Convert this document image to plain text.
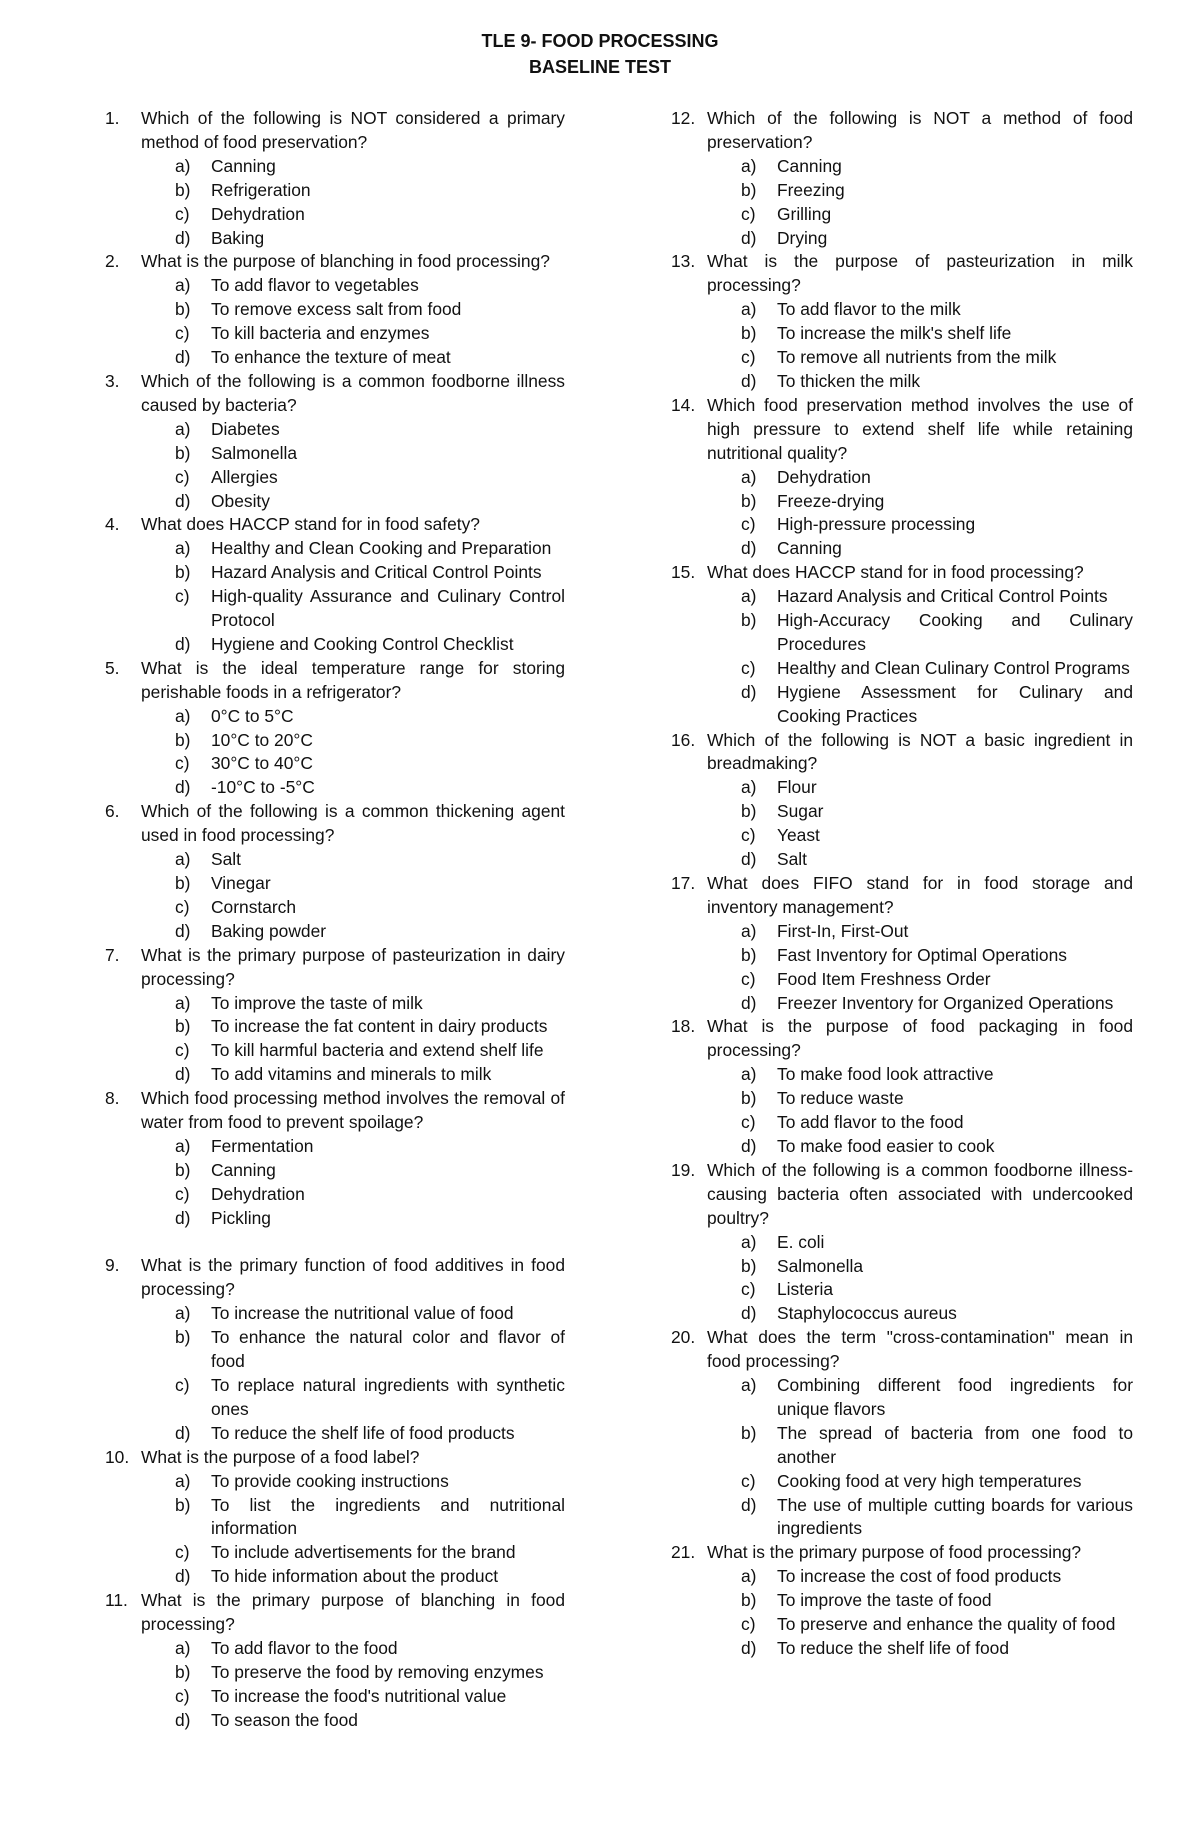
TLE 9- FOOD PROCESSING
BASELINE TEST
1.	Which of the following is NOT considered a primary method of food preservation?
a)	Canning
b)	Refrigeration
c)	Dehydration
d)	Baking
2.	What is the purpose of blanching in food processing?
a)	To add flavor to vegetables
b)	To remove excess salt from food
c)	To kill bacteria and enzymes
d)	To enhance the texture of meat
3.	Which of the following is a common foodborne illness caused by bacteria?
a)	Diabetes
b)	Salmonella
c)	Allergies
d)	Obesity
4.	What does HACCP stand for in food safety?
a)	Healthy and Clean Cooking and Preparation
b)	Hazard Analysis and Critical Control Points
c)	High-quality Assurance and Culinary Control Protocol
d)	Hygiene and Cooking Control Checklist
5.	What is the ideal temperature range for storing perishable foods in a refrigerator?
a)	0°C to 5°C
b)	10°C to 20°C
c)	30°C to 40°C
d)	-10°C to -5°C
6.	Which of the following is a common thickening agent used in food processing?
a)	Salt
b)	Vinegar
c)	Cornstarch
d)	Baking powder
7.	What is the primary purpose of pasteurization in dairy processing?
a)	To improve the taste of milk
b)	To increase the fat content in dairy products
c)	To kill harmful bacteria and extend shelf life
d)	To add vitamins and minerals to milk
8.	Which food processing method involves the removal of water from food to prevent spoilage?
a)	Fermentation
b)	Canning
c)	Dehydration
d)	Pickling
9.	What is the primary function of food additives in food processing?
a)	To increase the nutritional value of food
b)	To enhance the natural color and flavor of food
c)	To replace natural ingredients with synthetic ones
d)	To reduce the shelf life of food products
10. What is the purpose of a food label?
a)	To provide cooking instructions
b)	To list the ingredients and nutritional information
c)	To include advertisements for the brand
d)	To hide information about the product
11. What is the primary purpose of blanching in food processing?
a)	To add flavor to the food
b)	To preserve the food by removing enzymes
c)	To increase the food's nutritional value
d)	To season the food
12. Which of the following is NOT a method of food preservation?
a)	Canning
b)	Freezing
c)	Grilling
d)	Drying
13. What is the purpose of pasteurization in milk processing?
a)	To add flavor to the milk
b)	To increase the milk's shelf life
c)	To remove all nutrients from the milk
d)	To thicken the milk
14. Which food preservation method involves the use of high pressure to extend shelf life while retaining nutritional quality?
a)	Dehydration
b)	Freeze-drying
c)	High-pressure processing
d)	Canning
15. What does HACCP stand for in food processing?
a)	Hazard Analysis and Critical Control Points
b)	High-Accuracy Cooking and Culinary Procedures
c)	Healthy and Clean Culinary Control Programs
d)	Hygiene Assessment for Culinary and Cooking Practices
16. Which of the following is NOT a basic ingredient in breadmaking?
a)	Flour
b)	Sugar
c)	Yeast
d)	Salt
17. What does FIFO stand for in food storage and inventory management?
a)	First-In, First-Out
b)	Fast Inventory for Optimal Operations
c)	Food Item Freshness Order
d)	Freezer Inventory for Organized Operations
18. What is the purpose of food packaging in food processing?
a)	To make food look attractive
b)	To reduce waste
c)	To add flavor to the food
d)	To make food easier to cook
19. Which of the following is a common foodborne illness-causing bacteria often associated with undercooked poultry?
a)	E. coli
b)	Salmonella
c)	Listeria
d)	Staphylococcus aureus
20. What does the term "cross-contamination" mean in food processing?
a)	Combining different food ingredients for unique flavors
b)	The spread of bacteria from one food to another
c)	Cooking food at very high temperatures
d)	The use of multiple cutting boards for various ingredients
21. What is the primary purpose of food processing?
a)	To increase the cost of food products
b)	To improve the taste of food
c)	To preserve and enhance the quality of food
d)	To reduce the shelf life of food
